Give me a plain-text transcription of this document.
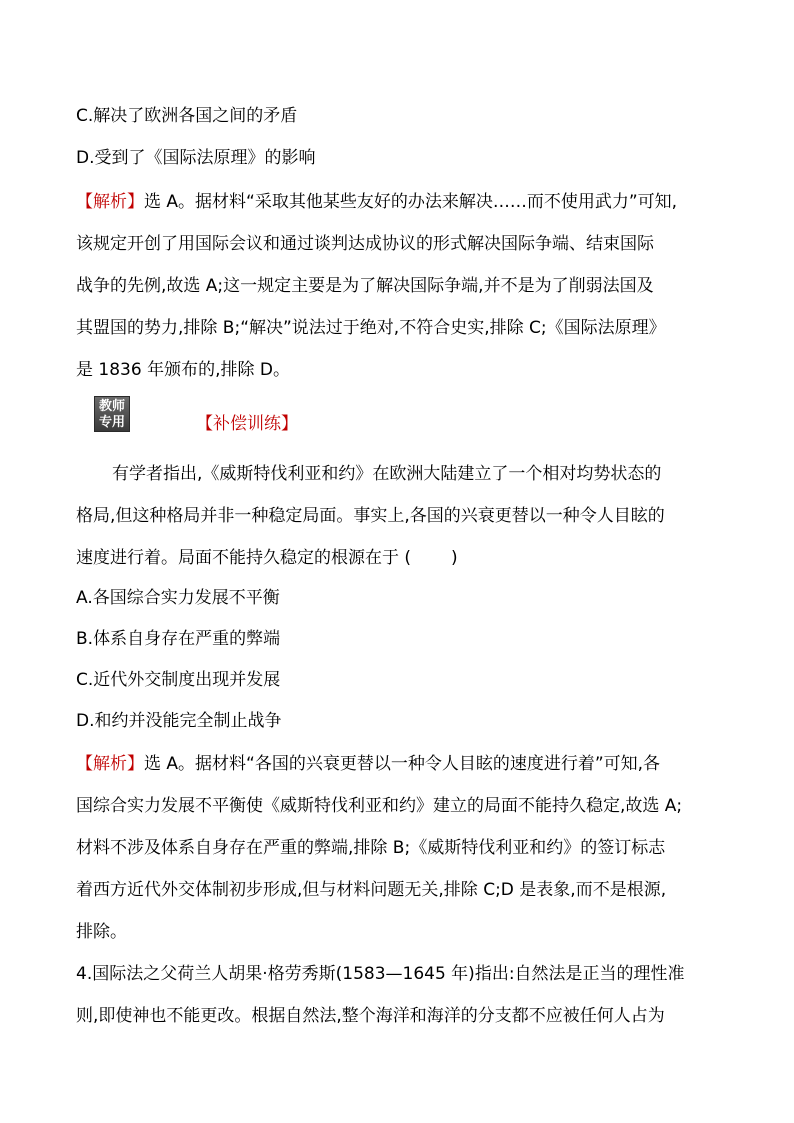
C.解决了欧洲各国之间的矛盾
D.受到了《国际法原理》的影响
【解析】选 A。据材料“采取其他某些友好的办法来解决……而不使用武力”可知,
该规定开创了用国际会议和通过谈判达成协议的形式解决国际争端、结束国际
战争的先例,故选 A;这一规定主要是为了解决国际争端,并不是为了削弱法国及
其盟国的势力,排除 B;“解决”说法过于绝对,不符合史实,排除 C;《国际法原理》
是 1836 年颁布的,排除 D。
教师
专用	【补偿训练】
有学者指出,《威斯特伐利亚和约》在欧洲大陆建立了一个相对均势状态的
格局,但这种格局并非一种稳定局面。事实上,各国的兴衰更替以一种令人目眩的
速度进行着。局面不能持久稳定的根源在于 ( )
A.各国综合实力发展不平衡
B.体系自身存在严重的弊端
C.近代外交制度出现并发展
D.和约并没能完全制止战争
【解析】选 A。据材料“各国的兴衰更替以一种令人目眩的速度进行着”可知,各
国综合实力发展不平衡使《威斯特伐利亚和约》建立的局面不能持久稳定,故选 A;
材料不涉及体系自身存在严重的弊端,排除 B;《威斯特伐利亚和约》的签订标志
着西方近代外交体制初步形成,但与材料问题无关,排除 C;D 是表象,而不是根源,
排除。
4.国际法之父荷兰人胡果·格劳秀斯(1583—1645 年)指出:自然法是正当的理性准
则,即使神也不能更改。根据自然法,整个海洋和海洋的分支都不应被任何人占为
